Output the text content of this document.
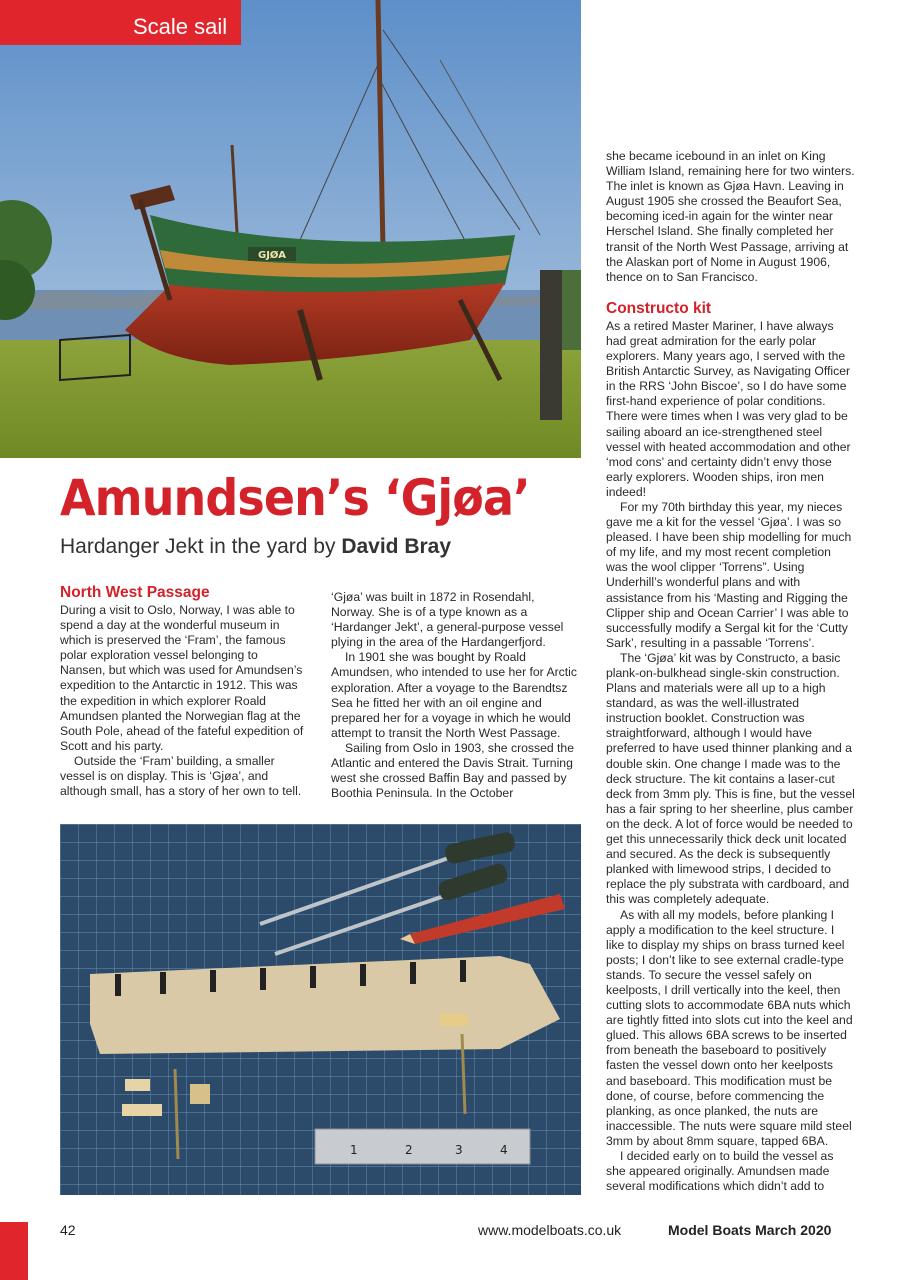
GJØA
Scale sail
Amundsen’s ‘Gjøa’
Hardanger Jekt in the yard by David Bray
North West Passage

During a visit to Oslo, Norway, I was able to spend a day at the wonderful museum in which is preserved the ‘Fram’, the famous polar exploration vessel belonging to Nansen, but which was used for Amundsen’s expedition to the Antarctic in 1912. This was the expedition in which explorer Roald Amundsen planted the Norwegian flag at the South Pole, ahead of the fateful expedition of Scott and his party.

Outside the ‘Fram’ building, a smaller vessel is on display. This is ‘Gjøa’, and although small, has a story of her own to tell.

‘Gjøa’ was built in 1872 in Rosendahl, Norway. She is of a type known as a ‘Hardanger Jekt’, a general-purpose vessel plying in the area of the Hardangerfjord.

In 1901 she was bought by Roald Amundsen, who intended to use her for Arctic exploration. After a voyage to the Barendtsz Sea he fitted her with an oil engine and prepared her for a voyage in which he would attempt to transit the North West Passage.

Sailing from Oslo in 1903, she crossed the Atlantic and entered the Davis Strait. Turning west she crossed Baffin Bay and passed by Boothia Peninsula. In the October

she became icebound in an inlet on King William Island, remaining here for two winters. The inlet is known as Gjøa Havn. Leaving in August 1905 she crossed the Beaufort Sea, becoming iced-in again for the winter near Herschel Island. She finally completed her transit of the North West Passage, arriving at the Alaskan port of Nome in August 1906, thence on to San Francisco.

Constructo kit

As a retired Master Mariner, I have always had great admiration for the early polar explorers. Many years ago, I served with the British Antarctic Survey, as Navigating Officer in the RRS ‘John Biscoe’, so I do have some first-hand experience of polar conditions. There were times when I was very glad to be sailing aboard an ice-strengthened steel vessel with heated accommodation and other ‘mod cons’ and certainty didn’t envy those early explorers. Wooden ships, iron men indeed!

For my 70th birthday this year, my nieces gave me a kit for the vessel ‘Gjøa’. I was so pleased. I have been ship modelling for much of my life, and my most recent completion was the wool clipper ‘Torrens”. Using Underhill’s wonderful plans and with assistance from his ‘Masting and Rigging the Clipper ship and Ocean Carrier’ I was able to successfully modify a Sergal kit for the ‘Cutty Sark’, resulting in a passable ‘Torrens’.

The ‘Gjøa’ kit was by Constructo, a basic plank-on-bulkhead single-skin construction. Plans and materials were all up to a high standard, as was the well-illustrated instruction booklet. Construction was straightforward, although I would have preferred to have used thinner planking and a double skin. One change I made was to the deck structure. The kit contains a laser-cut deck from 3mm ply. This is fine, but the vessel has a fair spring to her sheerline, plus camber on the deck. A lot of force would be needed to get this unnecessarily thick deck unit located and secured. As the deck is subsequently planked with limewood strips, I decided to replace the ply substrata with cardboard, and this was completely adequate.

As with all my models, before planking I apply a modification to the keel structure. I like to display my ships on brass turned keel posts; I don’t like to see external cradle-type stands. To secure the vessel safely on keelposts, I drill vertically into the keel, then cutting slots to accommodate 6BA nuts which are tightly fitted into slots cut into the keel and glued. This allows 6BA screws to be inserted from beneath the baseboard to positively fasten the vessel down onto her keelposts and baseboard. This modification must be done, of course, before commencing the planking, as once planked, the nuts are inaccessible. The nuts were square mild steel 3mm by about 8mm square, tapped 6BA.

I decided early on to build the vessel as she appeared originally. Amundsen made several modifications which didn’t add to

1	2	3	4
42	www.modelboats.co.uk	Model Boats March 2020
